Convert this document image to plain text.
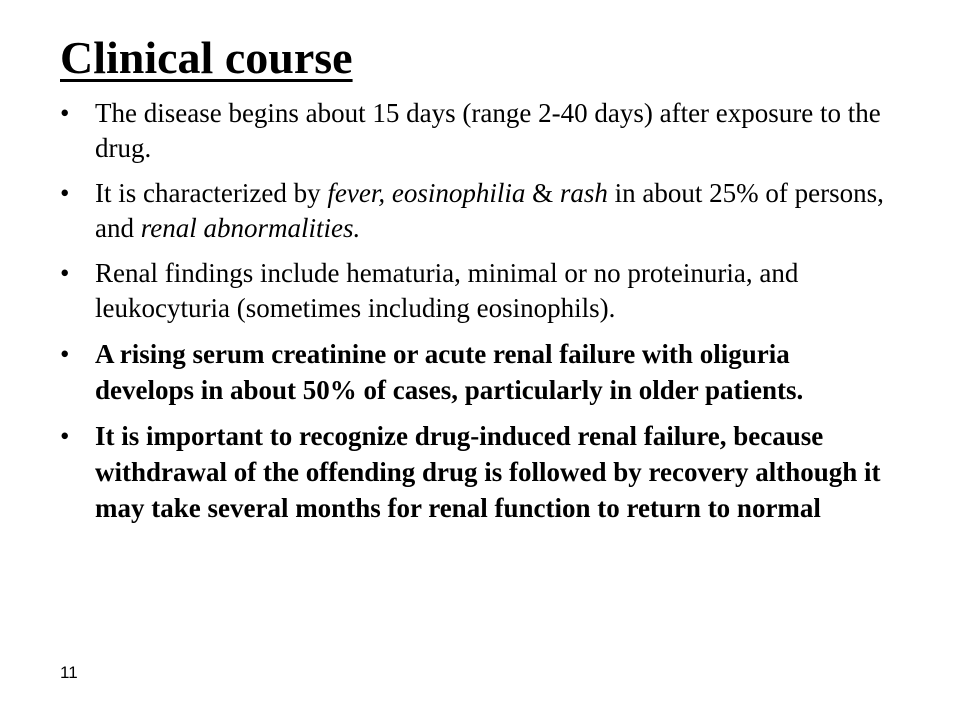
Clinical course
• The disease begins about 15 days (range 2-40 days) after exposure to the drug.
• It is characterized by fever, eosinophilia & rash in about 25% of persons, and renal abnormalities.
• Renal findings include hematuria, minimal or no proteinuria, and leukocyturia (sometimes including eosinophils).
• A rising serum creatinine or acute renal failure with oliguria develops in about 50% of cases, particularly in older patients.
• It is important to recognize drug-induced renal failure, because withdrawal of the offending drug is followed by recovery although it may take several months for renal function to return to normal
11
